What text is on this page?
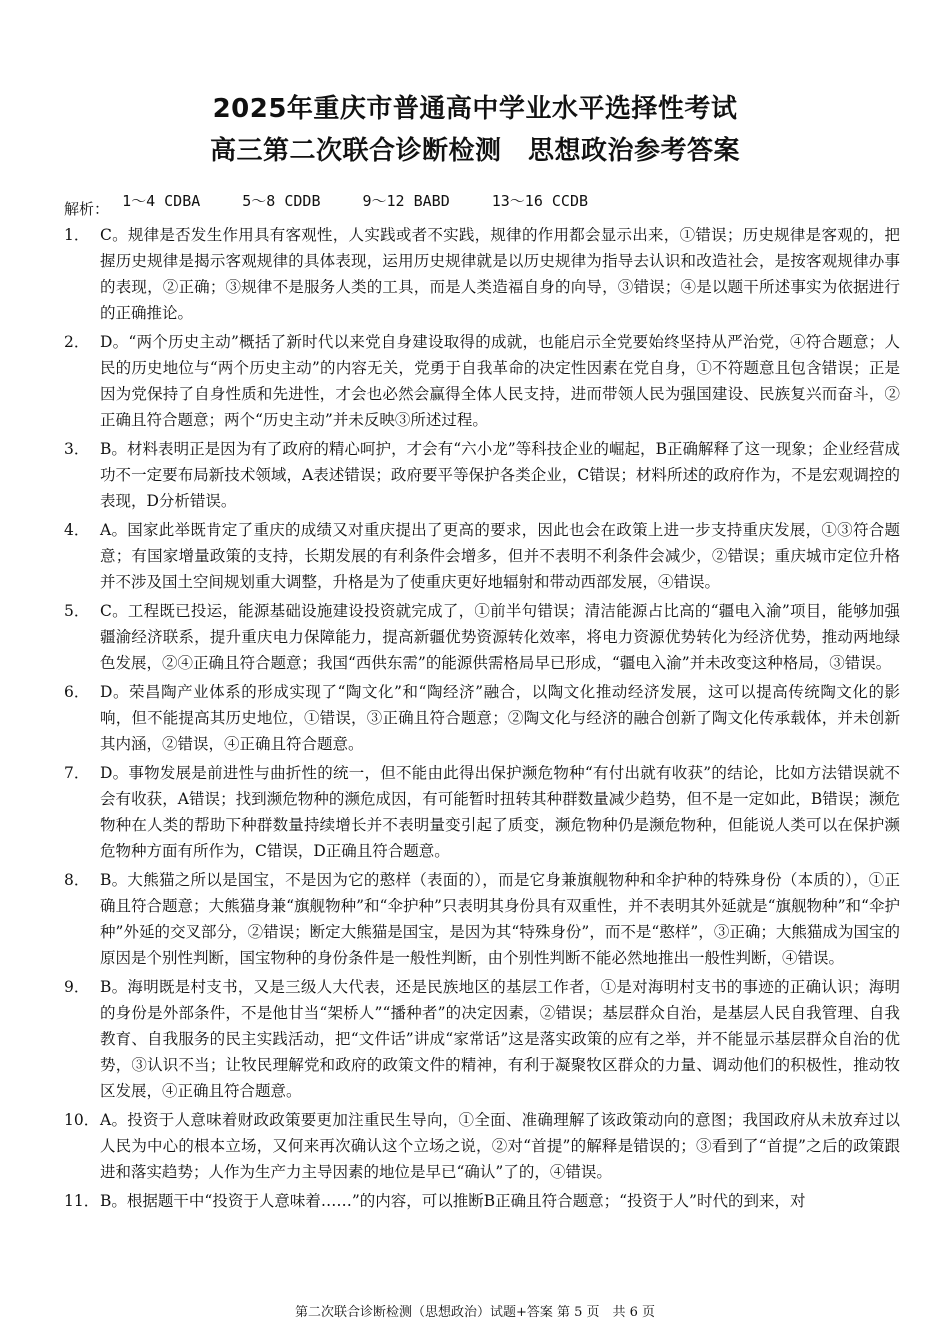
2025年重庆市普通高中学业水平选择性考试
高三第二次联合诊断检测　思想政治参考答案

1～4 CDBA	5～8 CDDB	9～12 BABD	13～16 CCDB

解析：
1． C。规律是否发生作用具有客观性，人实践或者不实践，规律的作用都会显示出来，①错误；历史规律是客观的，把握历史规律是揭示客观规律的具体表现，运用历史规律就是以历史规律为指导去认识和改造社会，是按客观规律办事的表现，②正确；③规律不是服务人类的工具，而是人类造福自身的向导，③错误；④是以题干所述事实为依据进行的正确推论。
2． D。“两个历史主动”概括了新时代以来党自身建设取得的成就，也能启示全党要始终坚持从严治党，④符合题意；人民的历史地位与“两个历史主动”的内容无关，党勇于自我革命的决定性因素在党自身，①不符题意且包含错误；正是因为党保持了自身性质和先进性，才会也必然会赢得全体人民支持，进而带领人民为强国建设、民族复兴而奋斗，②正确且符合题意；两个“历史主动”并未反映③所述过程。
3． B。材料表明正是因为有了政府的精心呵护，才会有“六小龙”等科技企业的崛起，B正确解释了这一现象；企业经营成功不一定要布局新技术领域，A表述错误；政府要平等保护各类企业，C错误；材料所述的政府作为，不是宏观调控的表现，D分析错误。
4． A。国家此举既肯定了重庆的成绩又对重庆提出了更高的要求，因此也会在政策上进一步支持重庆发展，①③符合题意；有国家增量政策的支持，长期发展的有利条件会增多，但并不表明不利条件会减少，②错误；重庆城市定位升格并不涉及国土空间规划重大调整，升格是为了使重庆更好地辐射和带动西部发展，④错误。
5． C。工程既已投运，能源基础设施建设投资就完成了，①前半句错误；清洁能源占比高的“疆电入渝”项目，能够加强疆渝经济联系，提升重庆电力保障能力，提高新疆优势资源转化效率，将电力资源优势转化为经济优势，推动两地绿色发展，②④正确且符合题意；我国“西供东需”的能源供需格局早已形成，“疆电入渝”并未改变这种格局，③错误。
6． D。荣昌陶产业体系的形成实现了“陶文化”和“陶经济”融合，以陶文化推动经济发展，这可以提高传统陶文化的影响，但不能提高其历史地位，①错误，③正确且符合题意；②陶文化与经济的融合创新了陶文化传承载体，并未创新其内涵，②错误，④正确且符合题意。
7． D。事物发展是前进性与曲折性的统一，但不能由此得出保护濒危物种“有付出就有收获”的结论，比如方法错误就不会有收获，A错误；找到濒危物种的濒危成因，有可能暂时扭转其种群数量减少趋势，但不是一定如此，B错误；濒危物种在人类的帮助下种群数量持续增长并不表明量变引起了质变，濒危物种仍是濒危物种，但能说人类可以在保护濒危物种方面有所作为，C错误，D正确且符合题意。
8． B。大熊猫之所以是国宝，不是因为它的憨样（表面的），而是它身兼旗舰物种和伞护种的特殊身份（本质的），①正确且符合题意；大熊猫身兼“旗舰物种”和“伞护种”只表明其身份具有双重性，并不表明其外延就是“旗舰物种”和“伞护种”外延的交叉部分，②错误；断定大熊猫是国宝，是因为其“特殊身份”，而不是“憨样”，③正确；大熊猫成为国宝的原因是个别性判断，国宝物种的身份条件是一般性判断，由个别性判断不能必然地推出一般性判断，④错误。
9． B。海明既是村支书，又是三级人大代表，还是民族地区的基层工作者，①是对海明村支书的事迹的正确认识；海明的身份是外部条件，不是他甘当“架桥人”“播种者”的决定因素，②错误；基层群众自治，是基层人民自我管理、自我教育、自我服务的民主实践活动，把“文件话”讲成“家常话”这是落实政策的应有之举，并不能显示基层群众自治的优势，③认识不当；让牧民理解党和政府的政策文件的精神，有利于凝聚牧区群众的力量、调动他们的积极性，推动牧区发展，④正确且符合题意。
10． A。投资于人意味着财政政策要更加注重民生导向，①全面、准确理解了该政策动向的意图；我国政府从未放弃过以人民为中心的根本立场，又何来再次确认这个立场之说，②对“首提”的解释是错误的；③看到了“首提”之后的政策跟进和落实趋势；人作为生产力主导因素的地位是早已“确认”了的，④错误。
11． B。根据题干中“投资于人意味着……”的内容，可以推断B正确且符合题意；“投资于人”时代的到来，对
第二次联合诊断检测（思想政治）试题+答案 第 5 页　共 6 页
